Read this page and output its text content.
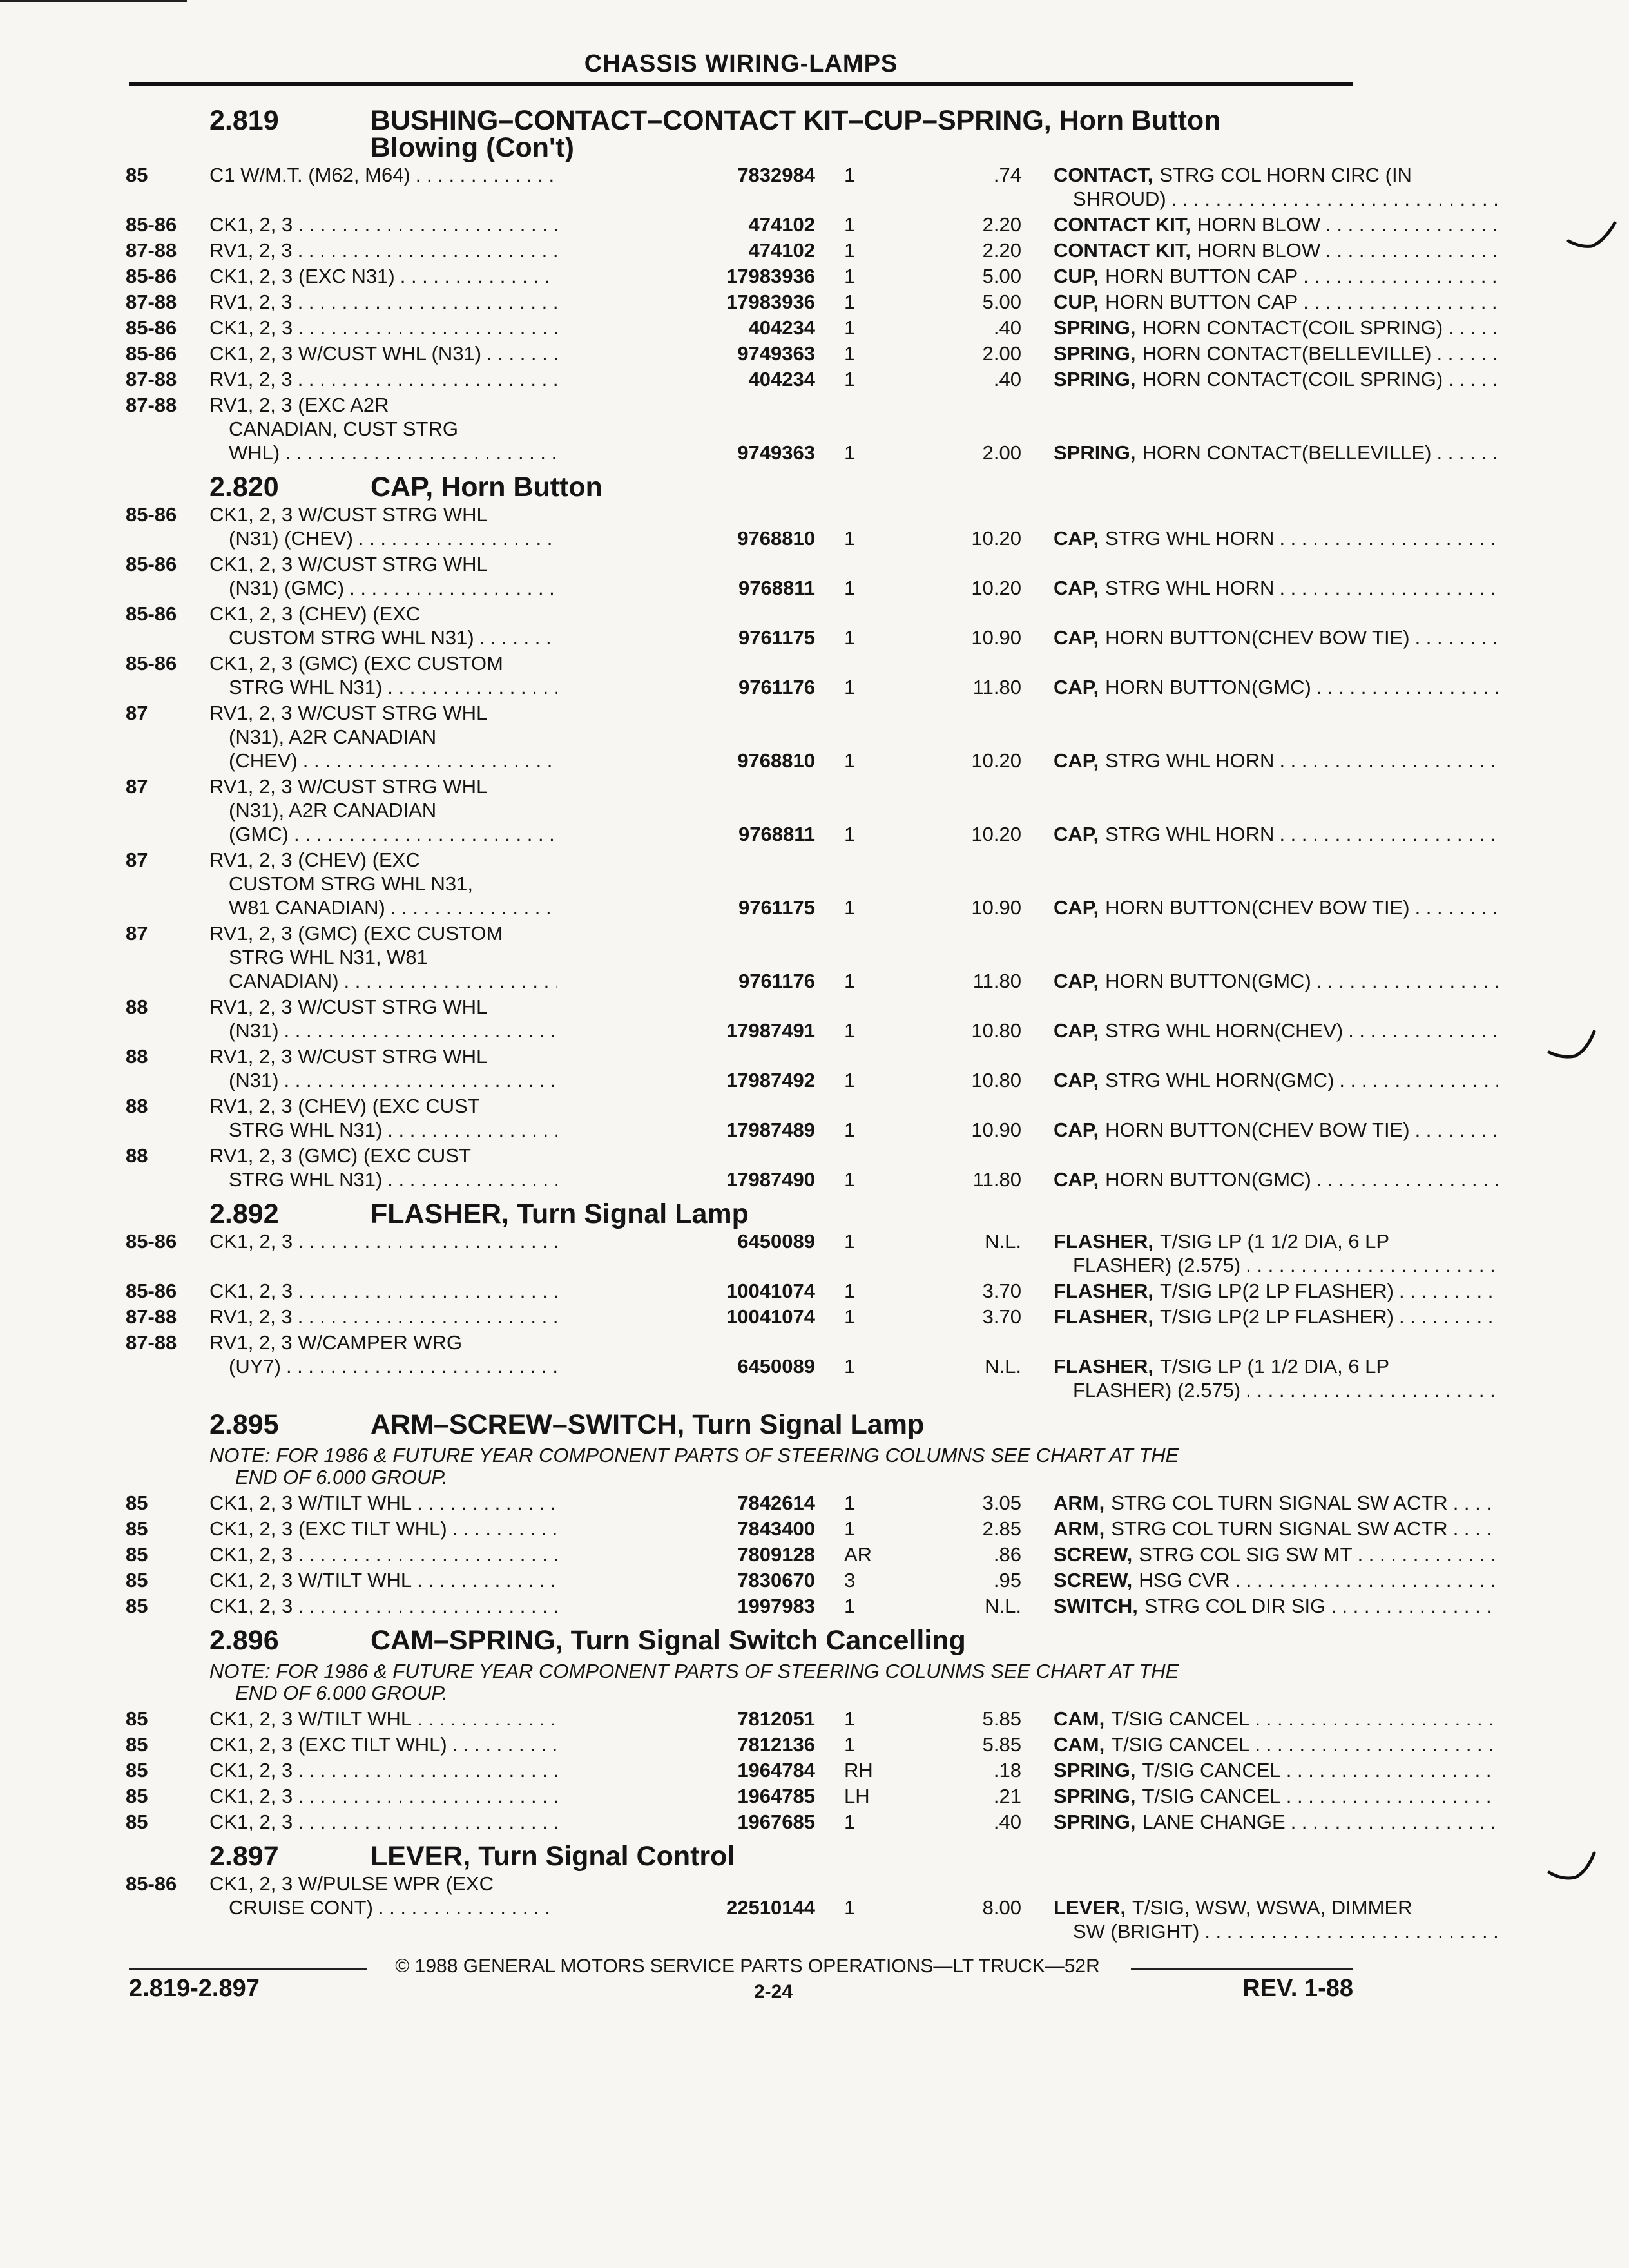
CHASSIS WIRING-LAMPS
2.819	BUSHING–CONTACT–CONTACT KIT–CUP–SPRING, Horn Button
Blowing (Con't)
85	C1 W/M.T. (M62, M64) . . .	7832984 1	.74 CONTACT, STRG COL HORN CIRC (IN
SHROUD)
. . .
85-86 CK1, 2, 3 . . .	474102 1	2.20 CONTACT KIT, HORN BLOW
. . .
87-88 RV1, 2, 3 . . .	474102 1	2.20 CONTACT KIT, HORN BLOW
. . .
85-86 CK1, 2, 3 (EXC N31) . . .	17983936 1	5.00 CUP, HORN BUTTON CAP
. . .
87-88 RV1, 2, 3 . . .	17983936 1	5.00 CUP, HORN BUTTON CAP
. . .
85-86 CK1, 2, 3 . . .	404234 1	.40 SPRING, HORN CONTACT(COIL SPRING)
. . .
85-86 CK1, 2, 3 W/CUST WHL (N31) . . .	9749363 1	2.00 SPRING, HORN CONTACT(BELLEVILLE)
. . .
87-88 RV1, 2, 3 . . .	404234 1	.40 SPRING, HORN CONTACT(COIL SPRING)
. . .
87-88 RV1, 2, 3 (EXC A2R
CANADIAN, CUST STRG
WHL) . . .	9749363 1	2.00 SPRING, HORN CONTACT(BELLEVILLE)
. . .
2.820	CAP, Horn Button
85-86 CK1, 2, 3 W/CUST STRG WHL
(N31) (CHEV) . . .	9768810 1	10.20 CAP, STRG WHL HORN
. . .
85-86 CK1, 2, 3 W/CUST STRG WHL
(N31) (GMC) . . .	9768811 1	10.20 CAP, STRG WHL HORN
. . .
85-86 CK1, 2, 3 (CHEV) (EXC
CUSTOM STRG WHL N31) . . .	9761175 1	10.90 CAP, HORN BUTTON(CHEV BOW TIE)
. . .
85-86 CK1, 2, 3 (GMC) (EXC CUSTOM
STRG WHL N31) . . .	9761176 1	11.80 CAP, HORN BUTTON(GMC)
. . .
87	RV1, 2, 3 W/CUST STRG WHL
(N31), A2R CANADIAN
(CHEV) . . .	9768810 1	10.20 CAP, STRG WHL HORN
. . .
87	RV1, 2, 3 W/CUST STRG WHL
(N31), A2R CANADIAN
(GMC) . . .	9768811 1	10.20 CAP, STRG WHL HORN
. . .
87	RV1, 2, 3 (CHEV) (EXC
CUSTOM STRG WHL N31,
W81 CANADIAN) . . .	9761175 1	10.90 CAP, HORN BUTTON(CHEV BOW TIE)
. . .
87	RV1, 2, 3 (GMC) (EXC CUSTOM
STRG WHL N31, W81
CANADIAN) . . .	9761176 1	11.80 CAP, HORN BUTTON(GMC)
. . .
88	RV1, 2, 3 W/CUST STRG WHL
(N31) . . .	17987491 1	10.80 CAP, STRG WHL HORN(CHEV)
. . .
88	RV1, 2, 3 W/CUST STRG WHL
(N31) . . .	17987492 1	10.80 CAP, STRG WHL HORN(GMC)
. . .
88	RV1, 2, 3 (CHEV) (EXC CUST
STRG WHL N31) . . .	17987489 1	10.90 CAP, HORN BUTTON(CHEV BOW TIE)
. . .
88	RV1, 2, 3 (GMC) (EXC CUST
STRG WHL N31) . . .	17987490 1	11.80 CAP, HORN BUTTON(GMC)
. . .
2.892	FLASHER, Turn Signal Lamp
85-86 CK1, 2, 3 . . .	6450089 1	N.L. FLASHER, T/SIG LP (1 1/2 DIA, 6 LP
FLASHER) (2.575)
. . .
85-86 CK1, 2, 3 . . .	10041074 1	3.70 FLASHER, T/SIG LP(2 LP FLASHER)
. . .
87-88 RV1, 2, 3 . . .	10041074 1	3.70 FLASHER, T/SIG LP(2 LP FLASHER)
. . .
87-88 RV1, 2, 3 W/CAMPER WRG
(UY7) . . .	6450089 1	N.L. FLASHER, T/SIG LP (1 1/2 DIA, 6 LP
FLASHER) (2.575)
. . .
2.895	ARM–SCREW–SWITCH, Turn Signal Lamp
NOTE: FOR 1986 & FUTURE YEAR COMPONENT PARTS OF STEERING COLUMNS SEE CHART AT THE
END OF 6.000 GROUP.
85	CK1, 2, 3 W/TILT WHL . . .	7842614 1	3.05 ARM, STRG COL TURN SIGNAL SW ACTR
. . .
85	CK1, 2, 3 (EXC TILT WHL) . . .	7843400 1	2.85 ARM, STRG COL TURN SIGNAL SW ACTR
. . .
85	CK1, 2, 3 . . .	7809128 AR	.86 SCREW, STRG COL SIG SW MT
. . .
85	CK1, 2, 3 W/TILT WHL . . .	7830670 3	.95 SCREW, HSG CVR
. . .
85	CK1, 2, 3 . . .	1997983 1	N.L. SWITCH, STRG COL DIR SIG
. . .
2.896	CAM–SPRING, Turn Signal Switch Cancelling
NOTE: FOR 1986 & FUTURE YEAR COMPONENT PARTS OF STEERING COLUNMS SEE CHART AT THE
END OF 6.000 GROUP.
85	CK1, 2, 3 W/TILT WHL . . .	7812051 1	5.85 CAM, T/SIG CANCEL
. . .
85	CK1, 2, 3 (EXC TILT WHL) . . .	7812136 1	5.85 CAM, T/SIG CANCEL
. . .
85	CK1, 2, 3 . . .	1964784 RH	.18 SPRING, T/SIG CANCEL
. . .
85	CK1, 2, 3 . . .	1964785 LH	.21 SPRING, T/SIG CANCEL
. . .
85	CK1, 2, 3 . . .	1967685 1	.40 SPRING, LANE CHANGE
. . .
2.897	LEVER, Turn Signal Control
85-86 CK1, 2, 3 W/PULSE WPR (EXC
CRUISE CONT) . . .	22510144 1	8.00 LEVER, T/SIG, WSW, WSWA, DIMMER
SW (BRIGHT)
. . .
© 1988 GENERAL MOTORS SERVICE PARTS OPERATIONS—LT TRUCK—52R
2.819-2.897	2-24	REV. 1-88
